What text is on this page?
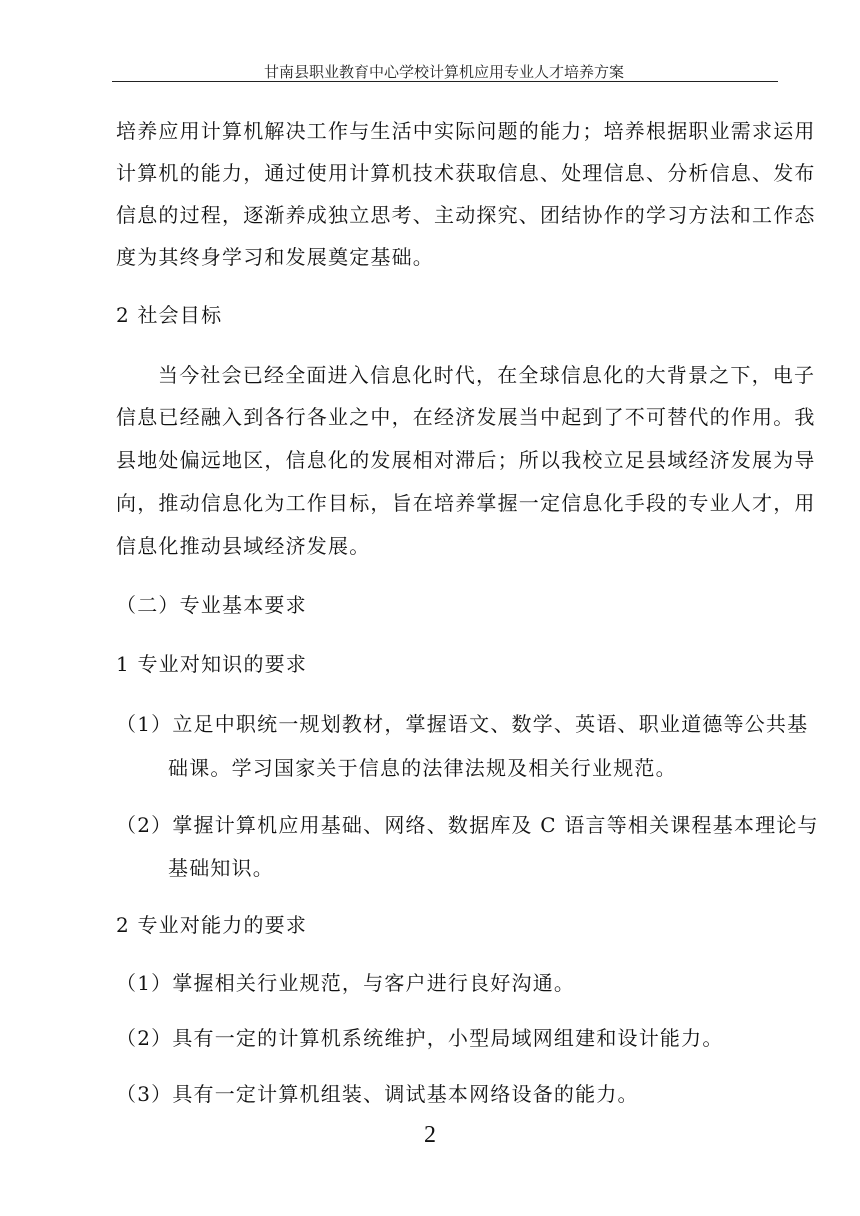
甘南县职业教育中心学校计算机应用专业人才培养方案
培养应用计算机解决工作与生活中实际问题的能力；培养根据职业需求运用
计算机的能力，通过使用计算机技术获取信息、处理信息、分析信息、发布
信息的过程，逐渐养成独立思考、主动探究、团结协作的学习方法和工作态
度为其终身学习和发展奠定基础。
2 社会目标
当今社会已经全面进入信息化时代，在全球信息化的大背景之下，电子
信息已经融入到各行各业之中，在经济发展当中起到了不可替代的作用。我
县地处偏远地区，信息化的发展相对滞后；所以我校立足县域经济发展为导
向，推动信息化为工作目标，旨在培养掌握一定信息化手段的专业人才，用
信息化推动县域经济发展。
（二）专业基本要求
1 专业对知识的要求
（1）立足中职统一规划教材，掌握语文、数学、英语、职业道德等公共基
础课。学习国家关于信息的法律法规及相关行业规范。
（2）掌握计算机应用基础、网络、数据库及 C 语言等相关课程基本理论与
基础知识。
2 专业对能力的要求
（1）掌握相关行业规范，与客户进行良好沟通。
（2）具有一定的计算机系统维护，小型局域网组建和设计能力。
（3）具有一定计算机组装、调试基本网络设备的能力。
2
